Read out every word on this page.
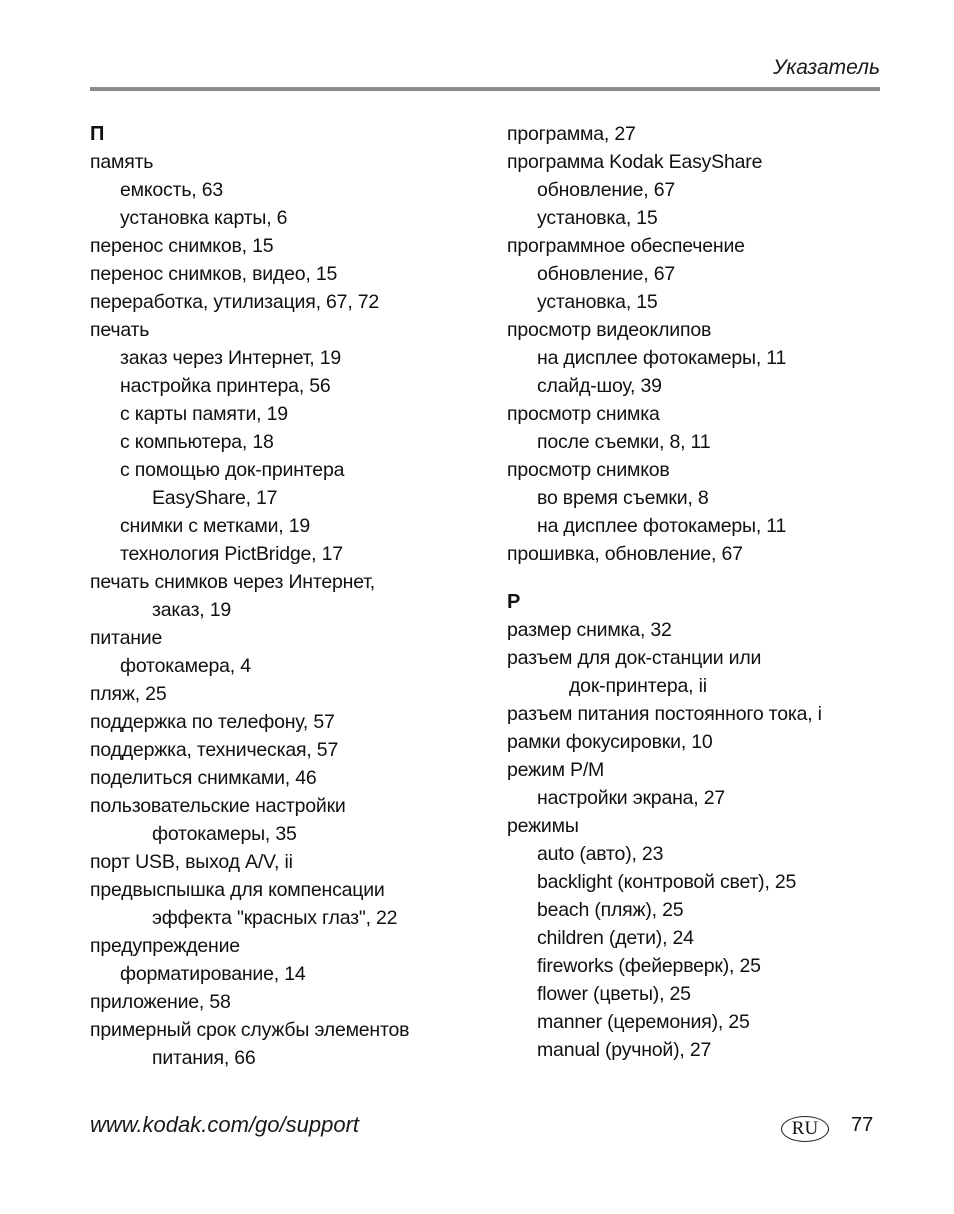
Указатель
П
память
емкость, 63
установка карты, 6
перенос снимков, 15
перенос снимков, видео, 15
переработка, утилизация, 67, 72
печать
заказ через Интернет, 19
настройка принтера, 56
с карты памяти, 19
с компьютера, 18
с помощью док-принтера
EasyShare, 17
снимки с метками, 19
технология PictBridge, 17
печать снимков через Интернет,
заказ, 19
питание
фотокамера, 4
пляж, 25
поддержка по телефону, 57
поддержка, техническая, 57
поделиться снимками, 46
пользовательские настройки
фотокамеры, 35
порт USB, выход A/V, ii
предвыспышка для компенсации
эффекта "красных глаз", 22
предупреждение
форматирование, 14
приложение, 58
примерный срок службы элементов
питания, 66
программа, 27
программа Kodak EasyShare
обновление, 67
установка, 15
программное обеспечение
обновление, 67
установка, 15
просмотр видеоклипов
на дисплее фотокамеры, 11
слайд-шоу, 39
просмотр снимка
после съемки, 8, 11
просмотр снимков
во время съемки, 8
на дисплее фотокамеры, 11
прошивка, обновление, 67
Р
размер снимка, 32
разъем для док-станции или
док-принтера, ii
разъем питания постоянного тока, i
рамки фокусировки, 10
режим P/M
настройки экрана, 27
режимы
auto (авто), 23
backlight (контровой свет), 25
beach (пляж), 25
children (дети), 24
fireworks (фейерверк), 25
flower (цветы), 25
manner (церемония), 25
manual (ручной), 27
www.kodak.com/go/support	RU	77
